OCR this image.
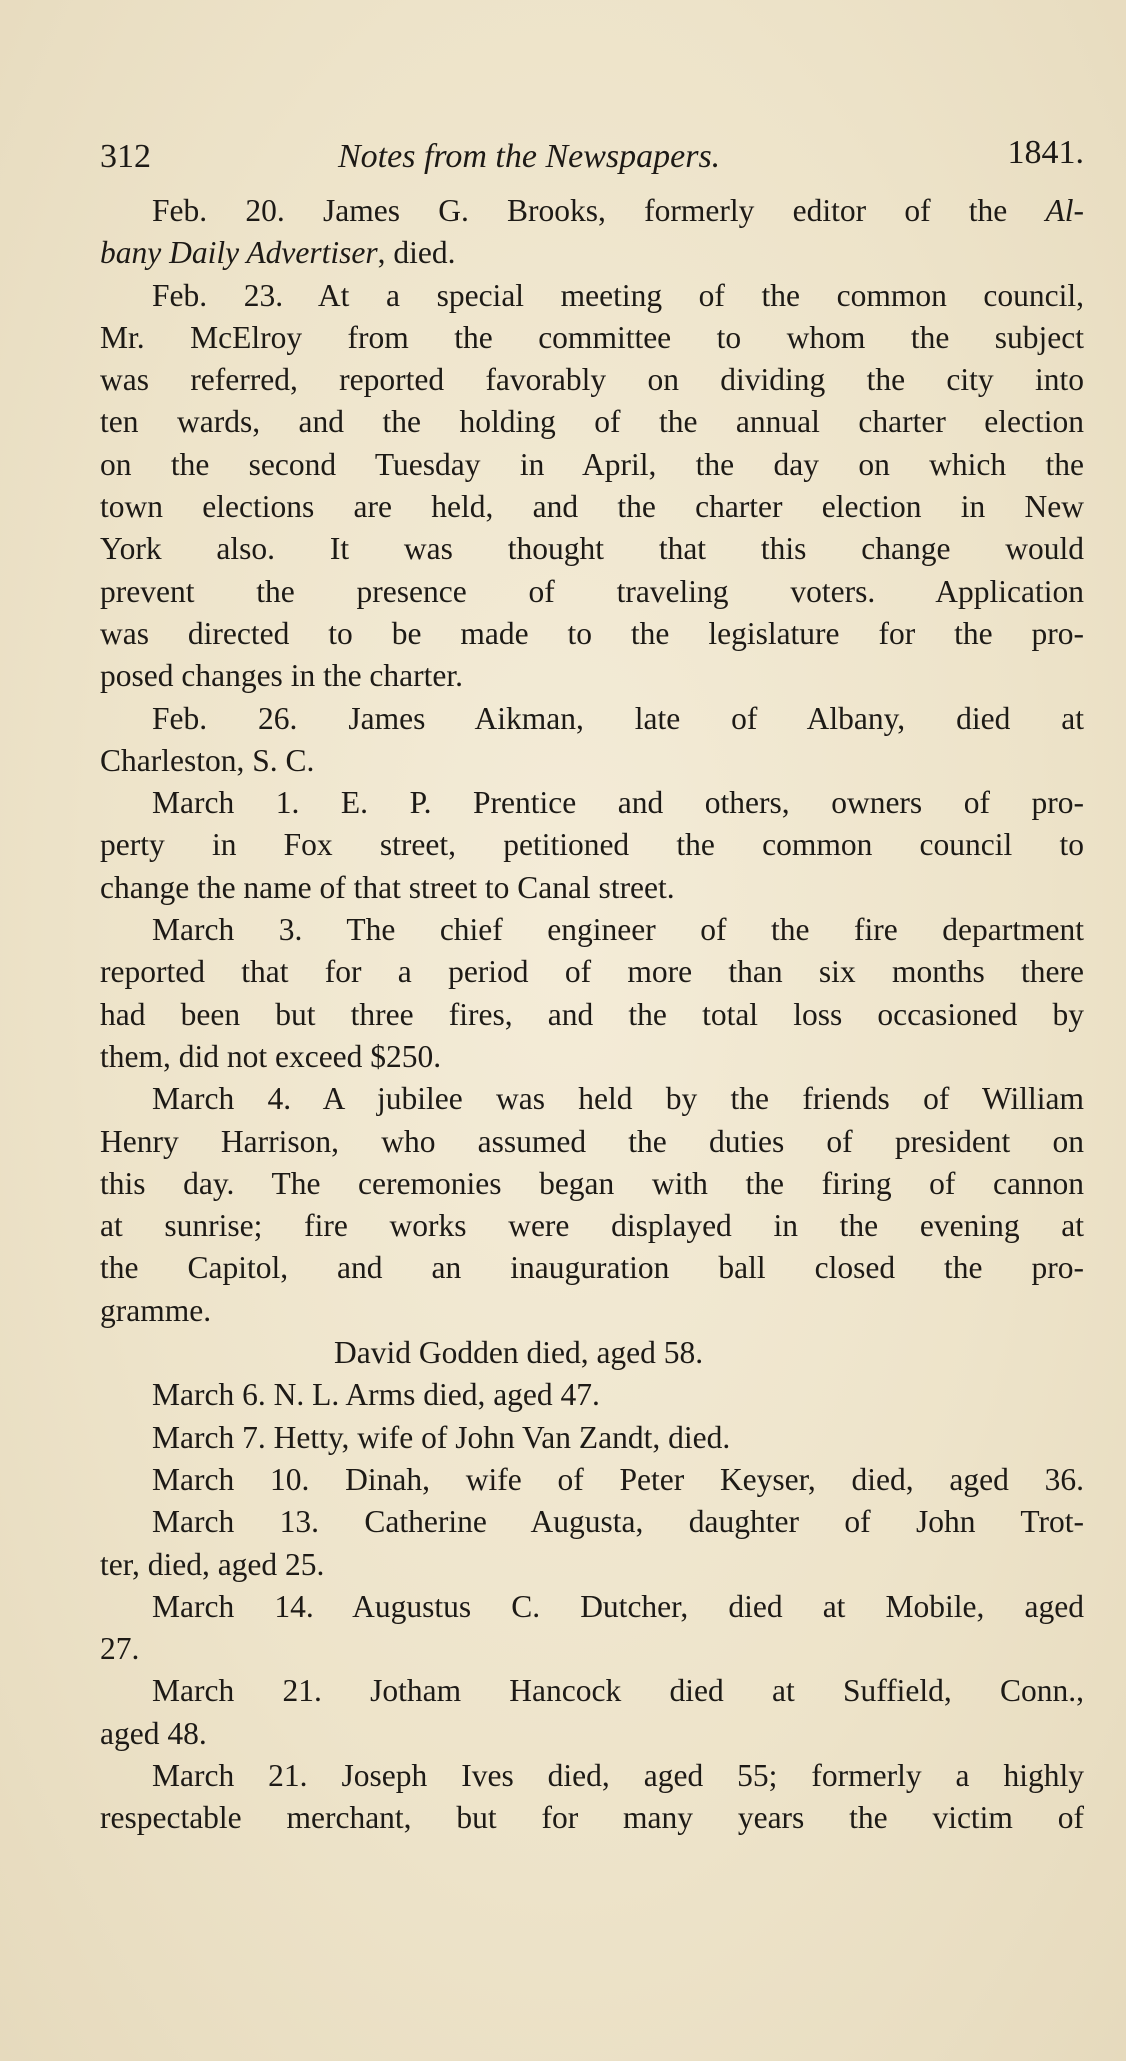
312	Notes from the Newspapers.	1841.
Feb. 20. James G. Brooks, formerly editor of the Al-
bany Daily Advertiser, died.
Feb. 23. At a special meeting of the common council,
Mr. McElroy from the committee to whom the subject
was referred, reported favorably on dividing the city into
ten wards, and the holding of the annual charter election
on the second Tuesday in April, the day on which the
town elections are held, and the charter election in New
York also. It was thought that this change would
prevent the presence of traveling voters. Application
was directed to be made to the legislature for the pro-
posed changes in the charter.
Feb. 26. James Aikman, late of Albany, died at
Charleston, S. C.
March 1. E. P. Prentice and others, owners of pro-
perty in Fox street, petitioned the common council to
change the name of that street to Canal street.
March 3. The chief engineer of the fire department
reported that for a period of more than six months there
had been but three fires, and the total loss occasioned by
them, did not exceed $250.
March 4. A jubilee was held by the friends of William
Henry Harrison, who assumed the duties of president on
this day. The ceremonies began with the firing of cannon
at sunrise; fire works were displayed in the evening at
the Capitol, and an inauguration ball closed the pro-
gramme.
David Godden died, aged 58.
March 6. N. L. Arms died, aged 47.
March 7. Hetty, wife of John Van Zandt, died.
March 10. Dinah, wife of Peter Keyser, died, aged 36.
March 13. Catherine Augusta, daughter of John Trot-
ter, died, aged 25.
March 14. Augustus C. Dutcher, died at Mobile, aged
27.
March 21. Jotham Hancock died at Suffield, Conn.,
aged 48.
March 21. Joseph Ives died, aged 55; formerly a highly
respectable merchant, but for many years the victim of
